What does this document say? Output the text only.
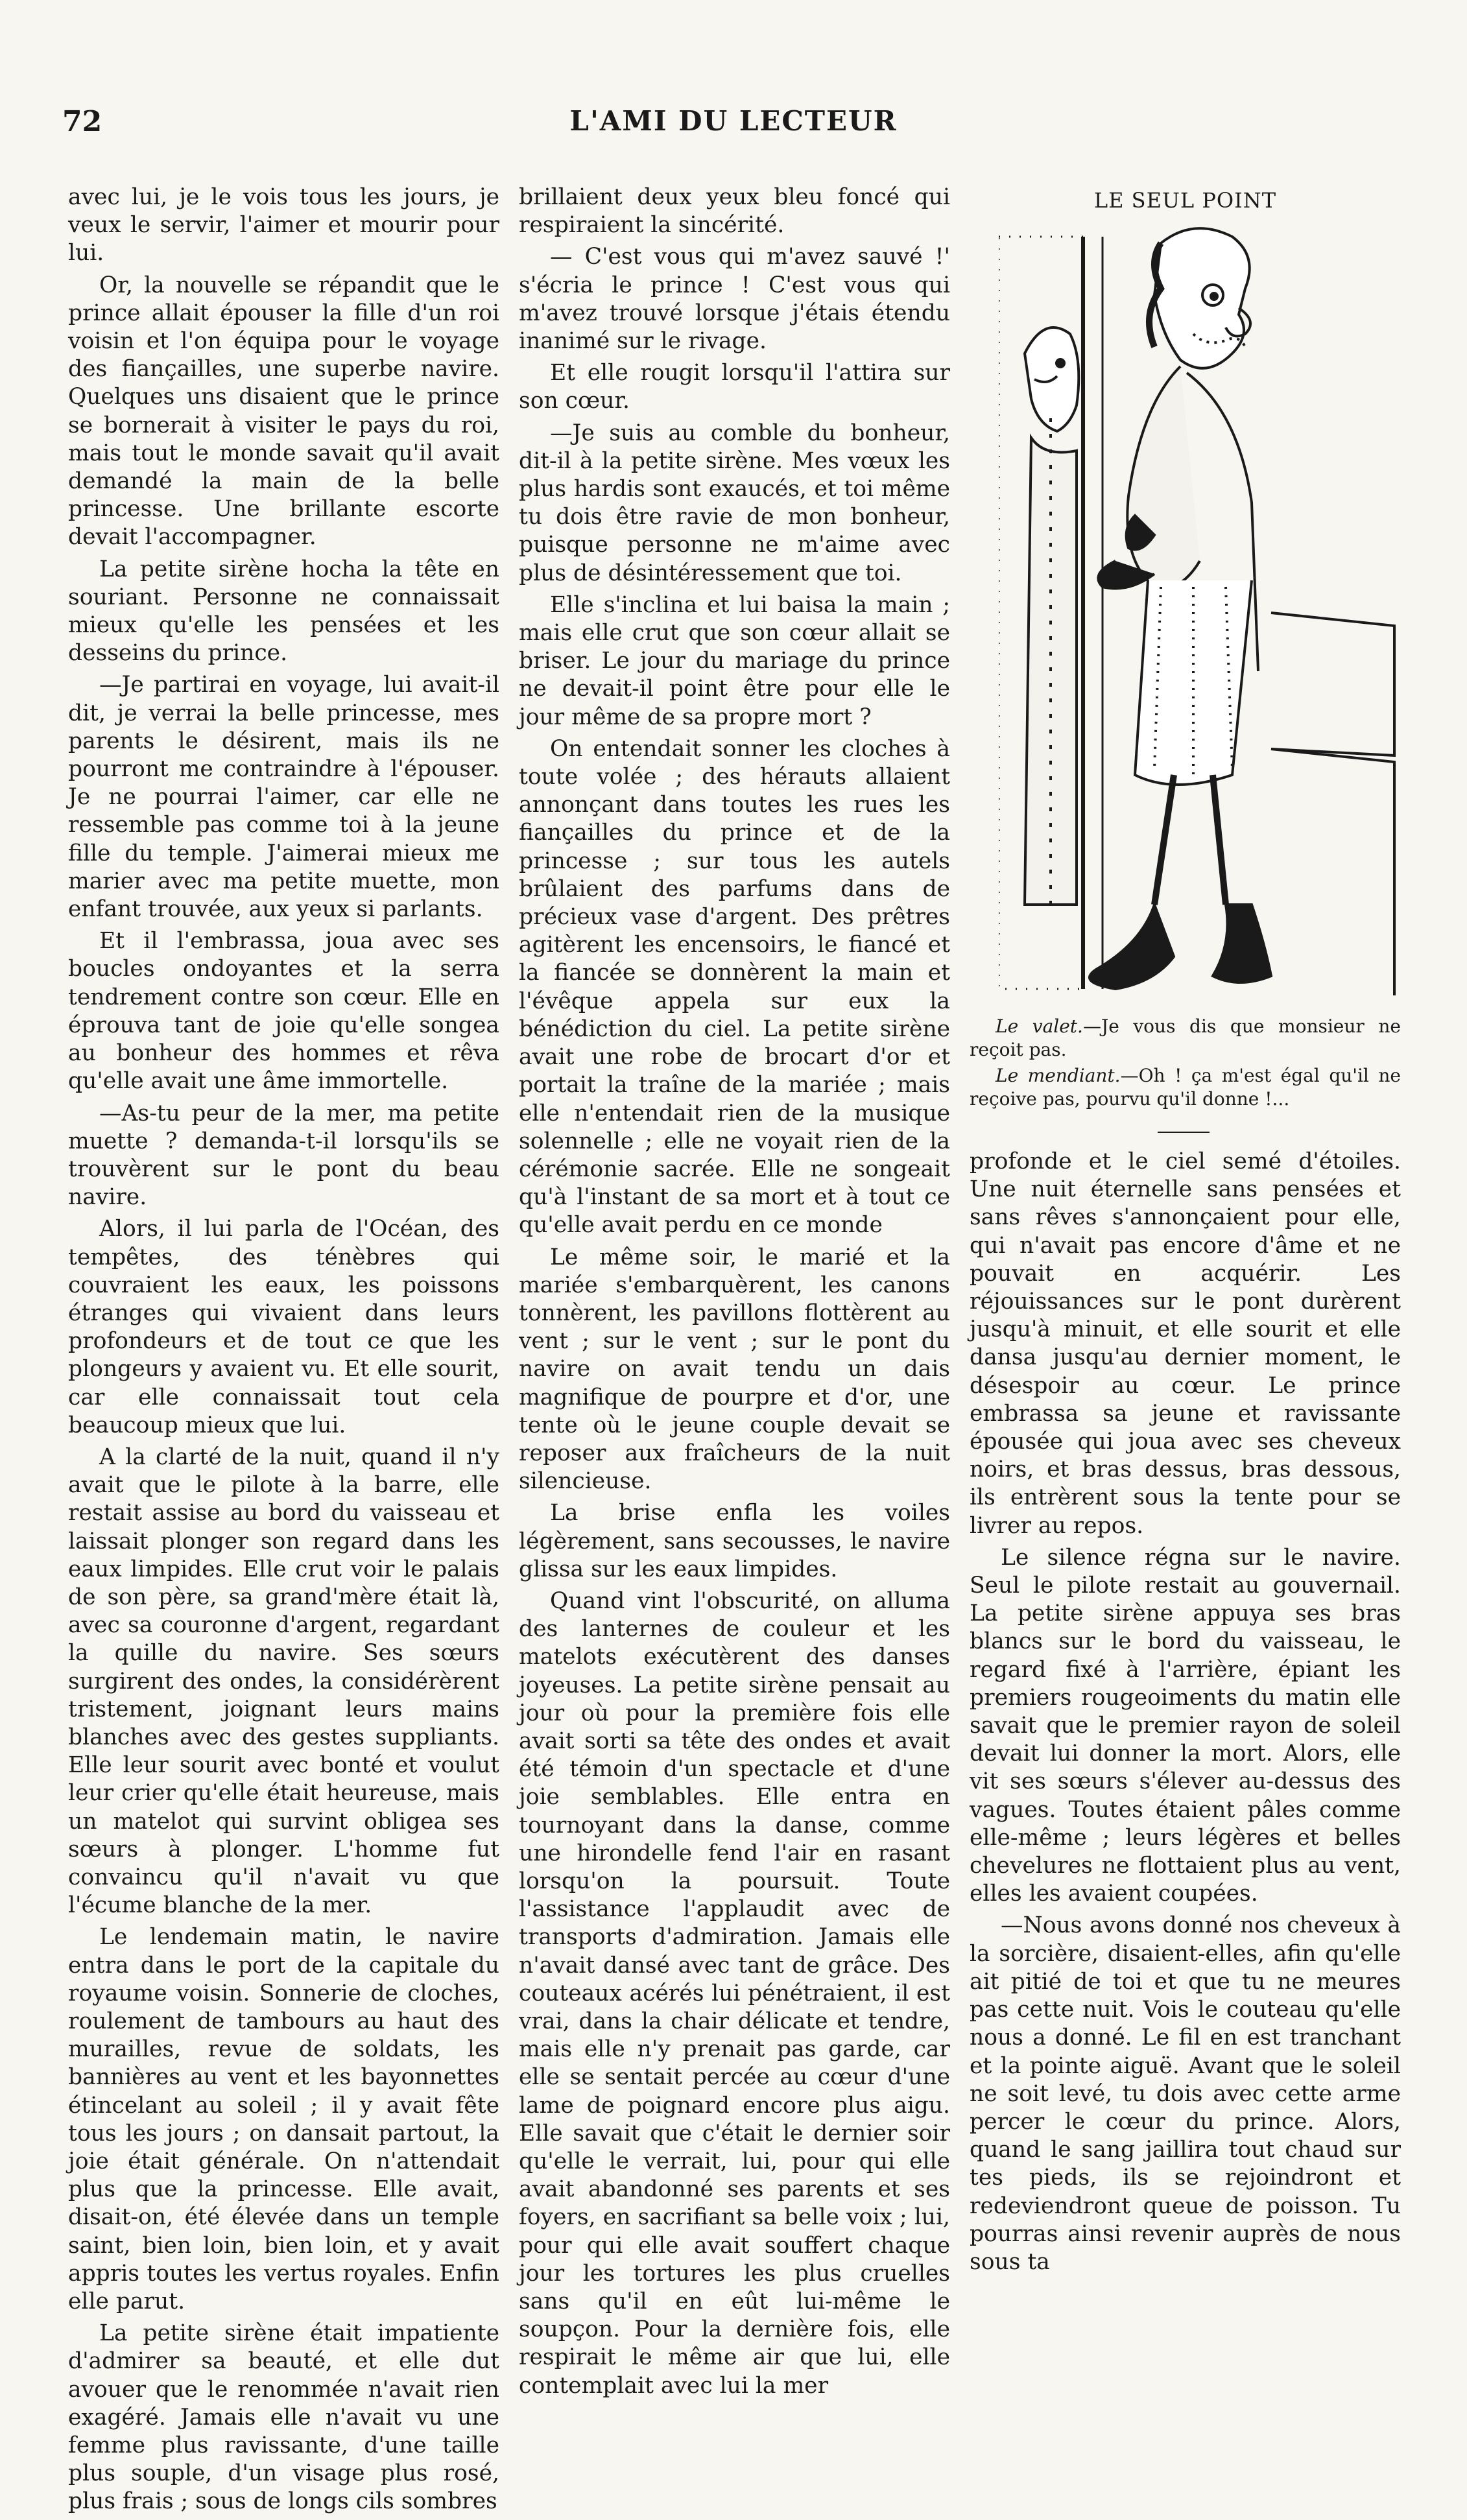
72	L'AMI DU LECTEUR

avec lui, je le vois tous les jours, je veux le servir, l'aimer et mourir pour lui.

Or, la nouvelle se répandit que le prince allait épouser la fille d'un roi voisin et l'on équipa pour le voyage des fiançailles, une superbe navire. Quelques uns disaient que le prince se bornerait à visiter le pays du roi, mais tout le monde savait qu'il avait demandé la main de la belle princesse. Une brillante escorte devait l'accompagner.

La petite sirène hocha la tête en souriant. Personne ne connaissait mieux qu'elle les pensées et les desseins du prince.

—Je partirai en voyage, lui avait-il dit, je verrai la belle princesse, mes parents le désirent, mais ils ne pourront me contraindre à l'épouser. Je ne pourrai l'aimer, car elle ne ressemble pas comme toi à la jeune fille du temple. J'aimerai mieux me marier avec ma petite muette, mon enfant trouvée, aux yeux si parlants.

Et il l'embrassa, joua avec ses boucles ondoyantes et la serra tendrement contre son cœur. Elle en éprouva tant de joie qu'elle songea au bonheur des hommes et rêva qu'elle avait une âme immortelle.

—As-tu peur de la mer, ma petite muette ? demanda-t-il lorsqu'ils se trouvèrent sur le pont du beau navire.

Alors, il lui parla de l'Océan, des tempêtes, des ténèbres qui couvraient les eaux, les poissons étranges qui vivaient dans leurs profondeurs et de tout ce que les plongeurs y avaient vu. Et elle sourit, car elle connaissait tout cela beaucoup mieux que lui.

A la clarté de la nuit, quand il n'y avait que le pilote à la barre, elle restait assise au bord du vaisseau et laissait plonger son regard dans les eaux limpides. Elle crut voir le palais de son père, sa grand'mère était là, avec sa couronne d'argent, regardant la quille du navire. Ses sœurs surgirent des ondes, la considérèrent tristement, joignant leurs mains blanches avec des gestes suppliants. Elle leur sourit avec bonté et voulut leur crier qu'elle était heureuse, mais un matelot qui survint obligea ses sœurs à plonger. L'homme fut convaincu qu'il n'avait vu que l'écume blanche de la mer.

Le lendemain matin, le navire entra dans le port de la capitale du royaume voisin. Sonnerie de cloches, roulement de tambours au haut des murailles, revue de soldats, les bannières au vent et les bayonnettes étincelant au soleil ; il y avait fête tous les jours ; on dansait partout, la joie était générale. On n'attendait plus que la princesse. Elle avait, disait-on, été élevée dans un temple saint, bien loin, bien loin, et y avait appris toutes les vertus royales. Enfin elle parut.

La petite sirène était impatiente d'admirer sa beauté, et elle dut avouer que le renommée n'avait rien exagéré. Jamais elle n'avait vu une femme plus ravissante, d'une taille plus souple, d'un visage plus rosé, plus frais ; sous de longs cils sombres

brillaient deux yeux bleu foncé qui respiraient la sincérité.

— C'est vous qui m'avez sauvé !' s'écria le prince ! C'est vous qui m'avez trouvé lorsque j'étais étendu inanimé sur le rivage.

Et elle rougit lorsqu'il l'attira sur son cœur.

—Je suis au comble du bonheur, dit-il à la petite sirène. Mes vœux les plus hardis sont exaucés, et toi même tu dois être ravie de mon bonheur, puisque personne ne m'aime avec plus de désintéressement que toi.

Elle s'inclina et lui baisa la main ; mais elle crut que son cœur allait se briser. Le jour du mariage du prince ne devait-il point être pour elle le jour même de sa propre mort ?

On entendait sonner les cloches à toute volée ; des hérauts allaient annonçant dans toutes les rues les fiançailles du prince et de la princesse ; sur tous les autels brûlaient des parfums dans de précieux vase d'argent. Des prêtres agitèrent les encensoirs, le fiancé et la fiancée se donnèrent la main et l'évêque appela sur eux la bénédiction du ciel. La petite sirène avait une robe de brocart d'or et portait la traîne de la mariée ; mais elle n'entendait rien de la musique solennelle ; elle ne voyait rien de la cérémonie sacrée. Elle ne songeait qu'à l'instant de sa mort et à tout ce qu'elle avait perdu en ce monde

Le même soir, le marié et la mariée s'embarquèrent, les canons tonnèrent, les pavillons flottèrent au vent ; sur le vent ; sur le pont du navire on avait tendu un dais magnifique de pourpre et d'or, une tente où le jeune couple devait se reposer aux fraîcheurs de la nuit silencieuse.

La brise enfla les voiles légèrement, sans secousses, le navire glissa sur les eaux limpides.

Quand vint l'obscurité, on alluma des lanternes de couleur et les matelots exécutèrent des danses joyeuses. La petite sirène pensait au jour où pour la première fois elle avait sorti sa tête des ondes et avait été témoin d'un spectacle et d'une joie semblables. Elle entra en tournoyant dans la danse, comme une hirondelle fend l'air en rasant lorsqu'on la poursuit. Toute l'assistance l'applaudit avec de transports d'admiration. Jamais elle n'avait dansé avec tant de grâce. Des couteaux acérés lui pénétraient, il est vrai, dans la chair délicate et tendre, mais elle n'y prenait pas garde, car elle se sentait percée au cœur d'une lame de poignard encore plus aigu. Elle savait que c'était le dernier soir qu'elle le verrait, lui, pour qui elle avait abandonné ses parents et ses foyers, en sacrifiant sa belle voix ; lui, pour qui elle avait souffert chaque jour les tortures les plus cruelles sans qu'il en eût lui-même le soupçon. Pour la dernière fois, elle respirait le même air que lui, elle contemplait avec lui la mer

LE SEUL POINT

Le valet.—Je vous dis que monsieur ne reçoit pas.

Le mendiant.—Oh ! ça m'est égal qu'il ne reçoive pas, pourvu qu'il donne !...

profonde et le ciel semé d'étoiles. Une nuit éternelle sans pensées et sans rêves s'annonçaient pour elle, qui n'avait pas encore d'âme et ne pouvait en acquérir. Les réjouissances sur le pont durèrent jusqu'à minuit, et elle sourit et elle dansa jusqu'au dernier moment, le désespoir au cœur. Le prince embrassa sa jeune et ravissante épousée qui joua avec ses cheveux noirs, et bras dessus, bras dessous, ils entrèrent sous la tente pour se livrer au repos.

Le silence régna sur le navire. Seul le pilote restait au gouvernail. La petite sirène appuya ses bras blancs sur le bord du vaisseau, le regard fixé à l'arrière, épiant les premiers rougeoiments du matin elle savait que le premier rayon de soleil devait lui donner la mort. Alors, elle vit ses sœurs s'élever au-dessus des vagues. Toutes étaient pâles comme elle-même ; leurs légères et belles chevelures ne flottaient plus au vent, elles les avaient coupées.

—Nous avons donné nos cheveux à la sorcière, disaient-elles, afin qu'elle ait pitié de toi et que tu ne meures pas cette nuit. Vois le couteau qu'elle nous a donné. Le fil en est tranchant et la pointe aiguë. Avant que le soleil ne soit levé, tu dois avec cette arme percer le cœur du prince. Alors, quand le sang jaillira tout chaud sur tes pieds, ils se rejoindront et redeviendront queue de poisson. Tu pourras ainsi revenir auprès de nous sous ta
